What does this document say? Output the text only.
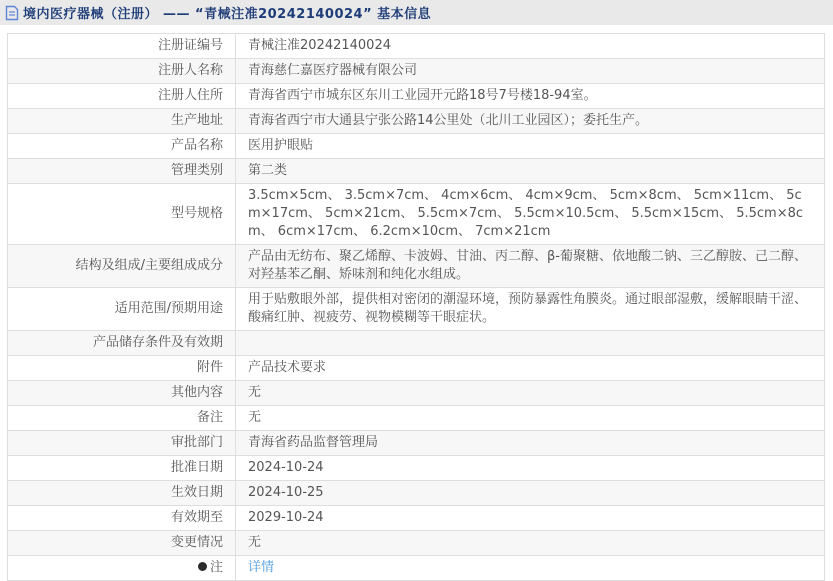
境内医疗器械（注册） —— “青械注准20242140024” 基本信息
注册证编号	青械注准20242140024
注册人名称	青海慈仁嘉医疗器械有限公司
注册人住所	青海省西宁市城东区东川工业园开元路18号7号楼18-94室。
生产地址	青海省西宁市大通县宁张公路14公里处（北川工业园区）；委托生产。
产品名称	医用护眼贴
管理类别	第二类
型号规格	3.5cm×5cm、 3.5cm×7cm、 4cm×6cm、 4cm×9cm、 5cm×8cm、 5cm×11cm、 5cm×17cm、 5cm×21cm、 5.5cm×7cm、 5.5cm×10.5cm、 5.5cm×15cm、 5.5cm×8cm、 6cm×17cm、 6.2cm×10cm、 7cm×21cm
结构及组成/主要组成成分	产品由无纺布、聚乙烯醇、卡波姆、甘油、丙二醇、β-葡聚糖、依地酸二钠、三乙醇胺、己二醇、对羟基苯乙酮、矫味剂和纯化水组成。
适用范围/预期用途	用于贴敷眼外部，提供相对密闭的潮湿环境，预防暴露性角膜炎。通过眼部湿敷，缓解眼睛干涩、酸痛红肿、视疲劳、视物模糊等干眼症状。
产品储存条件及有效期	
附件	产品技术要求
其他内容	无
备注	无
审批部门	青海省药品监督管理局
批准日期	2024-10-24
生效日期	2024-10-25
有效期至	2029-10-24
变更情况	无
注	详情
